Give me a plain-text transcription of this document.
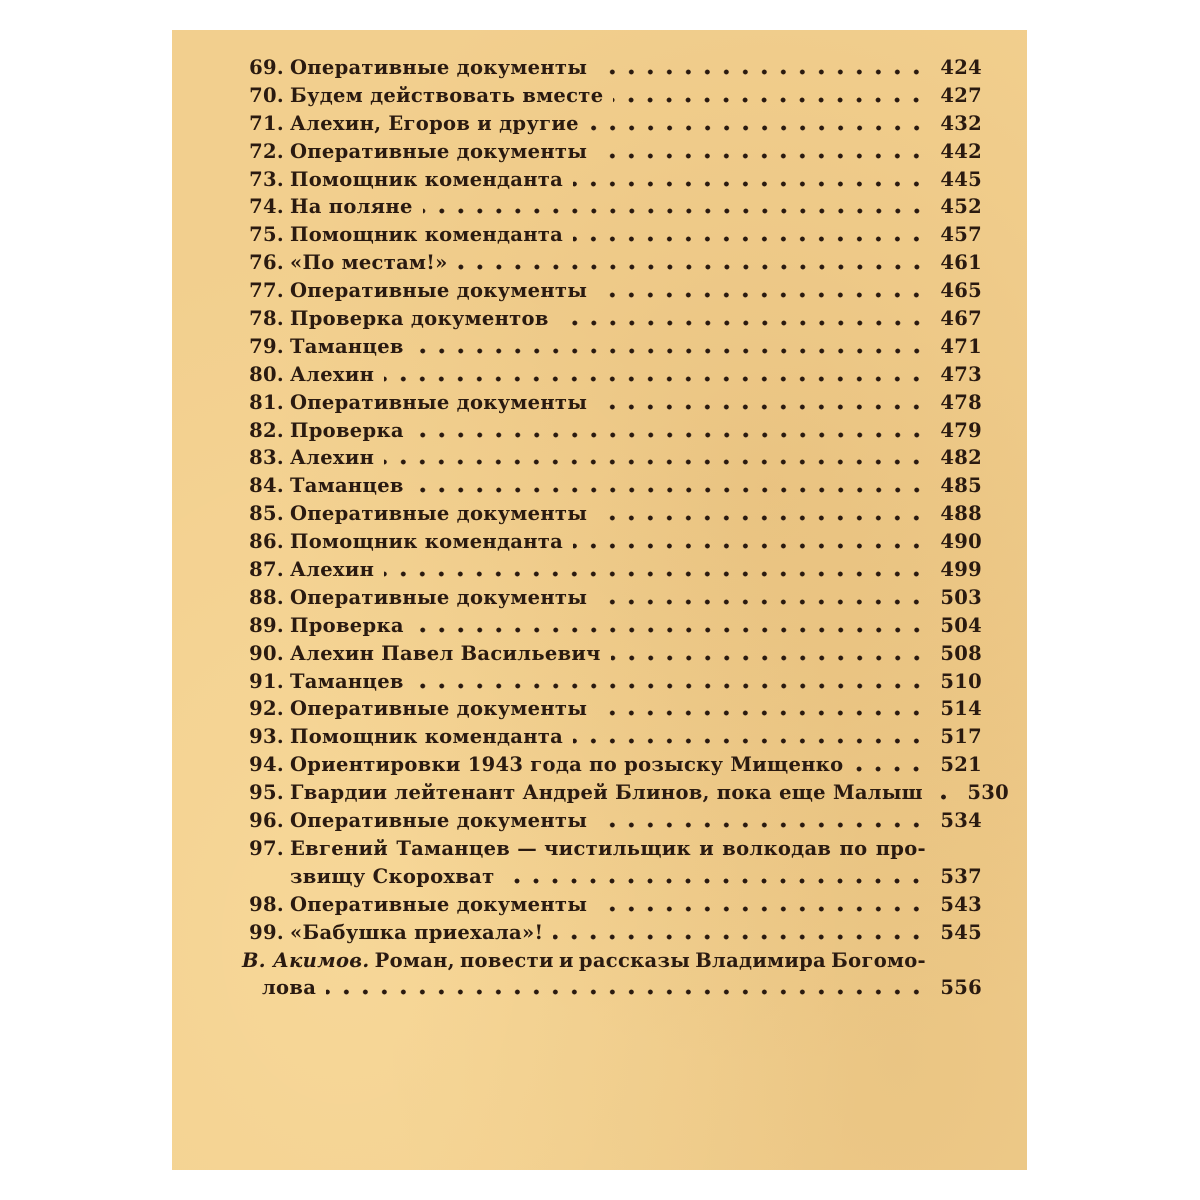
69. Оперативные документы	424
70. Будем действовать вместе	427
71. Алехин, Егоров и другие	432
72. Оперативные документы	442
73. Помощник коменданта	445
74. На поляне	452
75. Помощник коменданта	457
76. «По местам!»	461
77. Оперативные документы	465
78. Проверка документов	467
79. Таманцев	471
80. Алехин	473
81. Оперативные документы	478
82. Проверка	479
83. Алехин	482
84. Таманцев	485
85. Оперативные документы	488
86. Помощник коменданта	490
87. Алехин	499
88. Оперативные документы	503
89. Проверка	504
90. Алехин Павел Васильевич	508
91. Таманцев	510
92. Оперативные документы	514
93. Помощник коменданта	517
94. Ориентировки 1943 года по розыску Мищенко	521
95. Гвардии лейтенант Андрей Блинов, пока еще Малыш 530
96. Оперативные документы	534
97. Евгений Таманцев — чистильщик и волкодав по про-
звищу Скорохват	537
98. Оперативные документы	543
99. «Бабушка приехала»!	545
В. Акимов. Роман, повести и рассказы Владимира Богомо-
лова	556
